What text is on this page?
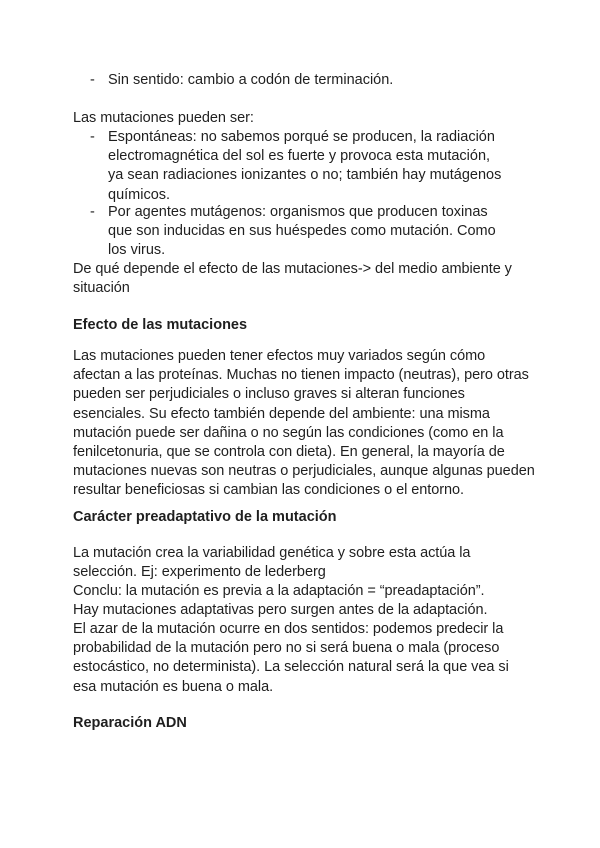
- Sin sentido: cambio a codón de terminación.

Las mutaciones pueden ser:

- Espontáneas: no sabemos porqué se producen, la radiación electromagnética del sol es fuerte y provoca esta mutación, ya sean radiaciones ionizantes o no; también hay mutágenos químicos.
- Por agentes mutágenos: organismos que producen toxinas que son inducidas en sus huéspedes como mutación. Como los virus.

De qué depende el efecto de las mutaciones-> del medio ambiente y situación

Efecto de las mutaciones

Las mutaciones pueden tener efectos muy variados según cómo afectan a las proteínas. Muchas no tienen impacto (neutras), pero otras pueden ser perjudiciales o incluso graves si alteran funciones esenciales. Su efecto también depende del ambiente: una misma mutación puede ser dañina o no según las condiciones (como en la fenilcetonuria, que se controla con dieta). En general, la mayoría de mutaciones nuevas son neutras o perjudiciales, aunque algunas pueden resultar beneficiosas si cambian las condiciones o el entorno.

Carácter preadaptativo de la mutación

La mutación crea la variabilidad genética y sobre esta actúa la selección. Ej: experimento de lederberg

Conclu: la mutación es previa a la adaptación = “preadaptación”.

Hay mutaciones adaptativas pero surgen antes de la adaptación.

El azar de la mutación ocurre en dos sentidos: podemos predecir la probabilidad de la mutación pero no si será buena o mala (proceso estocástico, no determinista). La selección natural será la que vea si esa mutación es buena o mala.

Reparación ADN
